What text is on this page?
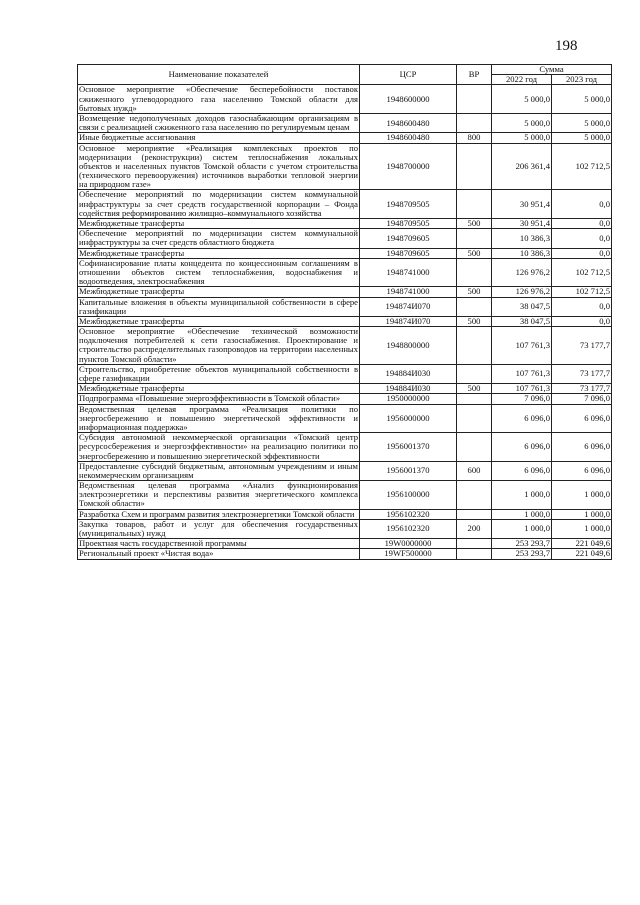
198
Наименование показателей	ЦСР	ВР	Сумма	
			2022 год	2023 год
Основное мероприятие «Обеспечение бесперебойности поставок сжиженного углеводородного газа населению Томской области для бытовых нужд»	1948600000		5 000,0	5 000,0
Возмещение недополученных доходов газоснабжающим организациям в связи с реализацией сжиженного газа населению по регулируемым ценам	1948600480		5 000,0	5 000,0
Иные бюджетные ассигнования	1948600480	800	5 000,0	5 000,0
Основное мероприятие «Реализация комплексных проектов по модернизации (реконструкции) систем теплоснабжения локальных объектов и населенных пунктов Томской области с учетом строительства (технического перевооружения) источников выработки тепловой энергии на природном газе»	1948700000		206 361,4	102 712,5
Обеспечение мероприятий по модернизации систем коммунальной инфраструктуры за счет средств государственной корпорации – Фонда содействия реформированию жилищно–коммунального хозяйства	1948709505		30 951,4	0,0
Межбюджетные трансферты	1948709505	500	30 951,4	0,0
Обеспечение мероприятий по модернизации систем коммунальной инфраструктуры за счет средств областного бюджета	1948709605		10 386,3	0,0
Межбюджетные трансферты	1948709605	500	10 386,3	0,0
Софинансирование платы концедента по концессионным соглашениям в отношении объектов систем теплоснабжения, водоснабжения и водоотведения, электроснабжения	1948741000		126 976,2	102 712,5
Межбюджетные трансферты	1948741000	500	126 976,2	102 712,5
Капитальные вложения в объекты муниципальной собственности в сфере газификации	194874И070		38 047,5	0,0
Межбюджетные трансферты	194874И070	500	38 047,5	0,0
Основное мероприятие «Обеспечение технической возможности подключения потребителей к сети газоснабжения. Проектирование и строительство распределительных газопроводов на территории населенных пунктов Томской области»	1948800000		107 761,3	73 177,7
Строительство, приобретение объектов муниципальной собственности в сфере газификации	194884И030		107 761,3	73 177,7
Межбюджетные трансферты	194884И030	500	107 761,3	73 177,7
Подпрограмма «Повышение энергоэффективности в Томской области»	1950000000		7 096,0	7 096,0
Ведомственная целевая программа «Реализация политики по энергосбережению и повышению энергетической эффективности и информационная поддержка»	1956000000		6 096,0	6 096,0
Субсидия автономной некоммерческой организации «Томский центр ресурсосбережения и энергоэффективности» на реализацию политики по энергосбережению и повышению энергетической эффективности	1956001370		6 096,0	6 096,0
Предоставление субсидий бюджетным, автономным учреждениям и иным некоммерческим организациям	1956001370	600	6 096,0	6 096,0
Ведомственная целевая программа «Анализ функционирования электроэнергетики и перспективы развития энергетического комплекса Томской области»	1956100000		1 000,0	1 000,0
Разработка Схем и программ развития электроэнергетики Томской области	1956102320		1 000,0	1 000,0
Закупка товаров, работ и услуг для обеспечения государственных (муниципальных) нужд	1956102320	200	1 000,0	1 000,0
Проектная часть государственной программы	19W0000000		253 293,7	221 049,6
Региональный проект «Чистая вода»	19WF500000		253 293,7	221 049,6
